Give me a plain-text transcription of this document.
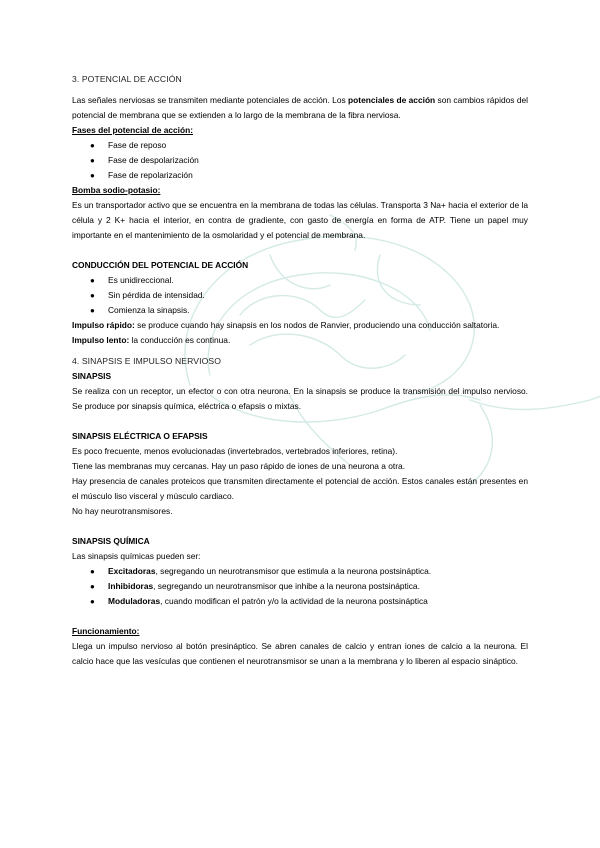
3. POTENCIAL DE ACCIÓN
Las señales nerviosas se transmiten mediante potenciales de acción. Los potenciales de acción son cambios rápidos del potencial de membrana que se extienden a lo largo de la membrana de la fibra nerviosa.
Fases del potencial de acción:
● Fase de reposo
● Fase de despolarización
● Fase de repolarización
Bomba sodio-potasio:
Es un transportador activo que se encuentra en la membrana de todas las células. Transporta 3 Na+ hacia el exterior de la célula y 2 K+ hacia el interior, en contra de gradiente, con gasto de energía en forma de ATP. Tiene un papel muy importante en el mantenimiento de la osmolaridad y el potencial de membrana.
CONDUCCIÓN DEL POTENCIAL DE ACCIÓN
● Es unidireccional.
● Sin pérdida de intensidad.
● Comienza la sinapsis.
Impulso rápido: se produce cuando hay sinapsis en los nodos de Ranvier, produciendo una conducción saltatoria.
Impulso lento: la conducción es continua.
4. SINAPSIS E IMPULSO NERVIOSO
SINAPSIS
Se realiza con un receptor, un efector o con otra neurona. En la sinapsis se produce la transmisión del impulso nervioso. Se produce por sinapsis química, eléctrica o efapsis o mixtas.
SINAPSIS ELÉCTRICA O EFAPSIS
Es poco frecuente, menos evolucionadas (invertebrados, vertebrados inferiores, retina).
Tiene las membranas muy cercanas. Hay un paso rápido de iones de una neurona a otra.
Hay presencia de canales proteicos que transmiten directamente el potencial de acción. Estos canales están presentes en el músculo liso visceral y músculo cardiaco.
No hay neurotransmisores.
SINAPSIS QUÍMICA
Las sinapsis químicas pueden ser:
● Excitadoras, segregando un neurotransmisor que estimula a la neurona postsináptica.
● Inhibidoras, segregando un neurotransmisor que inhibe a la neurona postsináptica.
● Moduladoras, cuando modifican el patrón y/o la actividad de la neurona postsináptica
Funcionamiento:
Llega un impulso nervioso al botón presináptico. Se abren canales de calcio y entran iones de calcio a la neurona. El calcio hace que las vesículas que contienen el neurotransmisor se unan a la membrana y lo liberen al espacio sináptico.
